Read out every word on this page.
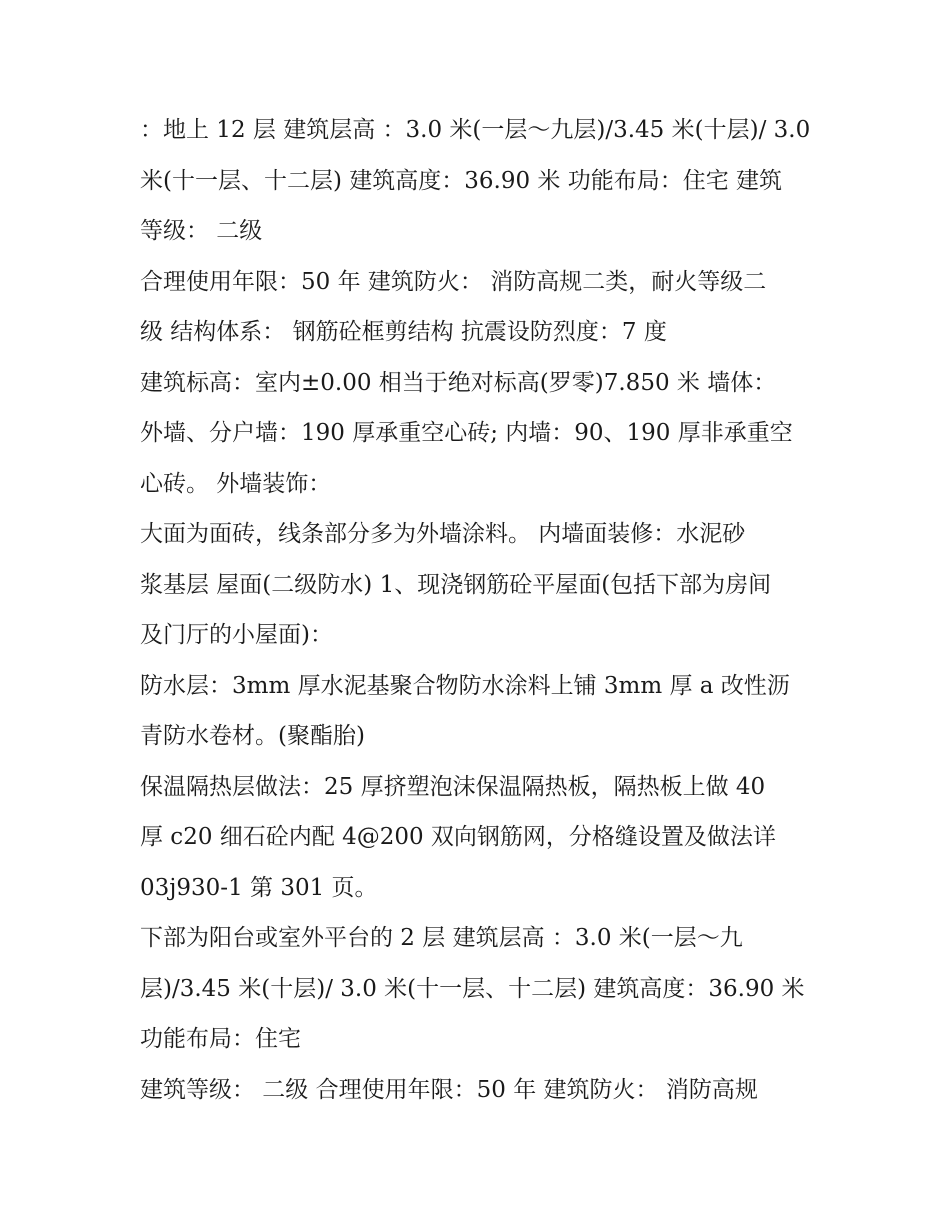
：地上 12 层 建筑层高 ：3.0 米(一层～九层)/3.45 米(十层)/ 3.0
米(十一层、十二层) 建筑高度：36.90 米 功能布局：住宅 建筑
等级： 二级
合理使用年限：50 年 建筑防火： 消防高规二类，耐火等级二
级 结构体系： 钢筋砼框剪结构 抗震设防烈度：7 度
建筑标高：室内±0.00 相当于绝对标高(罗零)7.850 米 墙体：
外墙、分户墙：190 厚承重空心砖; 内墙：90、190 厚非承重空
心砖。 外墙装饰：
大面为面砖，线条部分多为外墙涂料。 内墙面装修：水泥砂
浆基层 屋面(二级防水) 1、现浇钢筋砼平屋面(包括下部为房间
及门厅的小屋面)：
防水层：3mm 厚水泥基聚合物防水涂料上铺 3mm 厚 a 改性沥
青防水卷材。(聚酯胎)
保温隔热层做法：25 厚挤塑泡沫保温隔热板，隔热板上做 40
厚 c20 细石砼内配 4@200 双向钢筋网，分格缝设置及做法详
03j930-1 第 301 页。
下部为阳台或室外平台的 2 层 建筑层高 ：3.0 米(一层～九
层)/3.45 米(十层)/ 3.0 米(十一层、十二层) 建筑高度：36.90 米
功能布局：住宅
建筑等级： 二级 合理使用年限：50 年 建筑防火： 消防高规
